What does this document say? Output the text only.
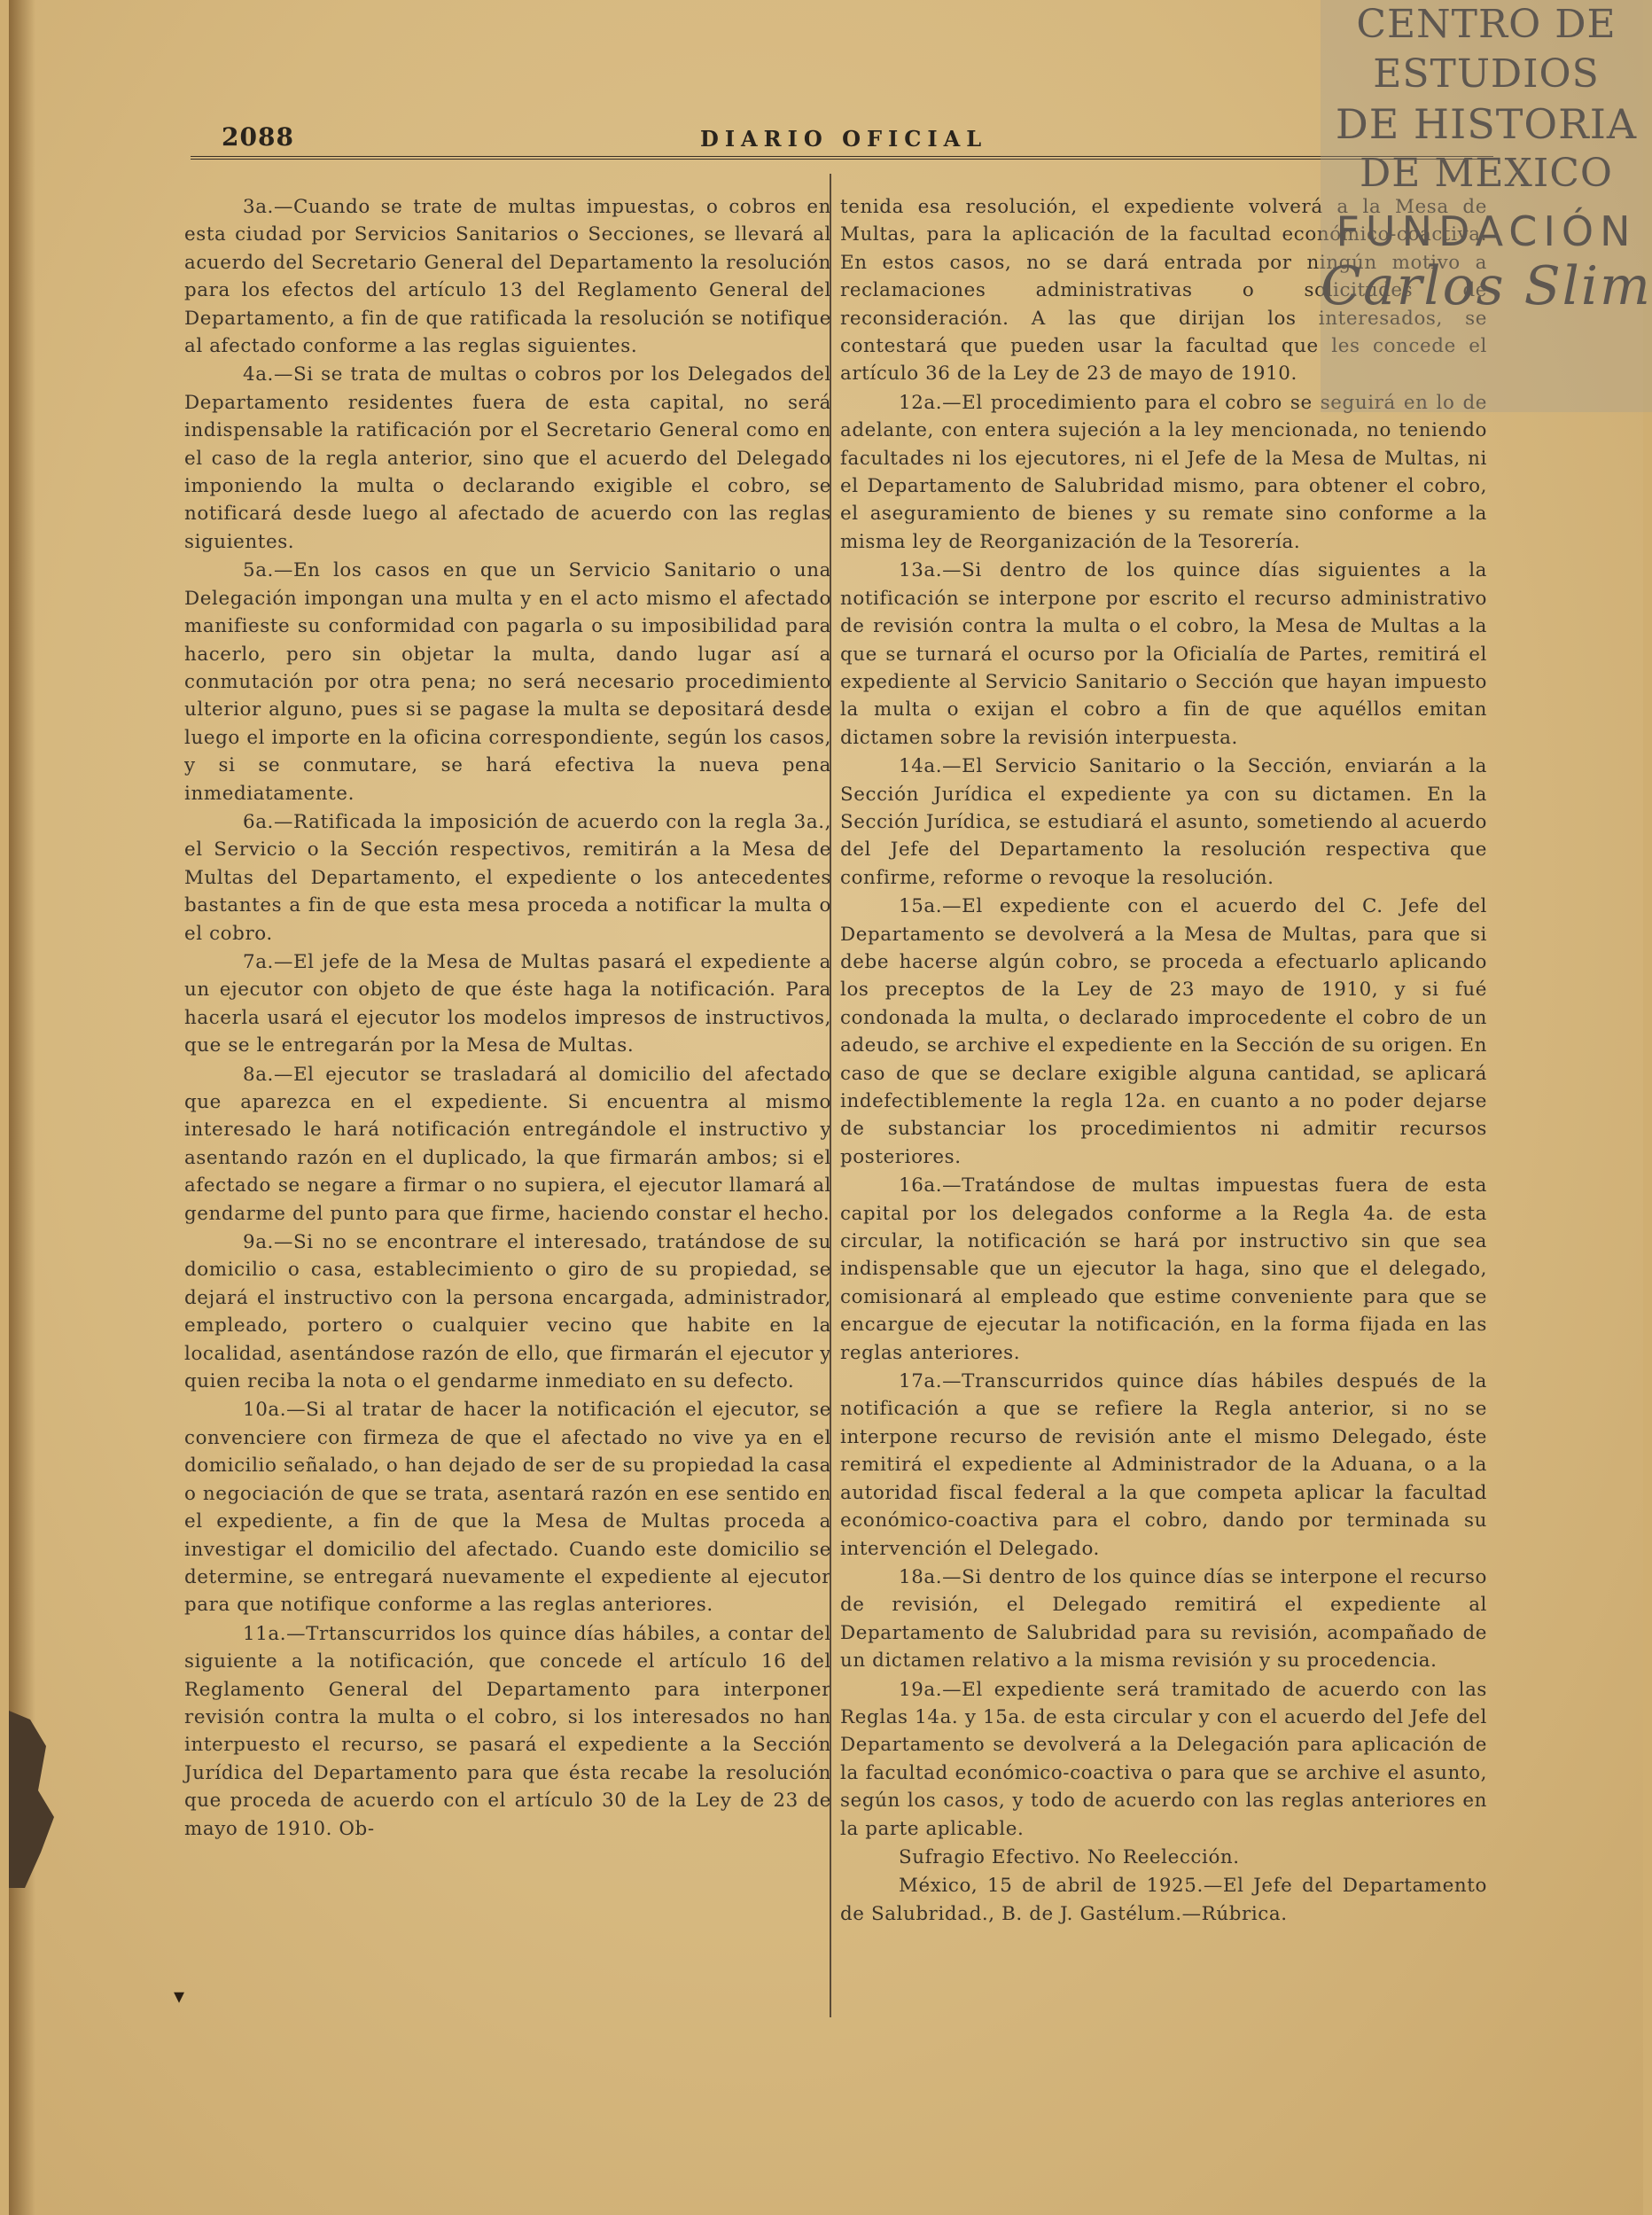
2088	DIARIO OFICIAL

3a.—Cuando se trate de multas impuestas, o cobros en esta ciudad por Servicios Sanitarios o Secciones, se llevará al acuerdo del Secretario General del Departamento la resolución para los efectos del artículo 13 del Reglamento General del Departamento, a fin de que ratificada la resolución se notifique al afectado conforme a las reglas siguientes.

4a.—Si se trata de multas o cobros por los Delegados del Departamento residentes fuera de esta capital, no será indispensable la ratificación por el Secretario General como en el caso de la regla anterior, sino que el acuerdo del Delegado imponiendo la multa o declarando exigible el cobro, se notificará desde luego al afectado de acuerdo con las reglas siguientes.

5a.—En los casos en que un Servicio Sanitario o una Delegación impongan una multa y en el acto mismo el afectado manifieste su conformidad con pagarla o su imposibilidad para hacerlo, pero sin objetar la multa, dando lugar así a conmutación por otra pena; no será necesario procedimiento ulterior alguno, pues si se pagase la multa se depositará desde luego el importe en la oficina correspondiente, según los casos, y si se conmutare, se hará efectiva la nueva pena inmediatamente.

6a.—Ratificada la imposición de acuerdo con la regla 3a., el Servicio o la Sección respectivos, remitirán a la Mesa de Multas del Departamento, el expediente o los antecedentes bastantes a fin de que esta mesa proceda a notificar la multa o el cobro.

7a.—El jefe de la Mesa de Multas pasará el expediente a un ejecutor con objeto de que éste haga la notificación. Para hacerla usará el ejecutor los modelos impresos de instructivos, que se le entregarán por la Mesa de Multas.

8a.—El ejecutor se trasladará al domicilio del afectado que aparezca en el expediente. Si encuentra al mismo interesado le hará notificación entregándole el instructivo y asentando razón en el duplicado, la que firmarán ambos; si el afectado se negare a firmar o no supiera, el ejecutor llamará al gendarme del punto para que firme, haciendo constar el hecho.

9a.—Si no se encontrare el interesado, tratándose de su domicilio o casa, establecimiento o giro de su propiedad, se dejará el instructivo con la persona encargada, administrador, empleado, portero o cualquier vecino que habite en la localidad, asentándose razón de ello, que firmarán el ejecutor y quien reciba la nota o el gendarme inmediato en su defecto.

10a.—Si al tratar de hacer la notificación el ejecutor, se convenciere con firmeza de que el afectado no vive ya en el domicilio señalado, o han dejado de ser de su propiedad la casa o negociación de que se trata, asentará razón en ese sentido en el expediente, a fin de que la Mesa de Multas proceda a investigar el domicilio del afectado. Cuando este domicilio se determine, se entregará nuevamente el expediente al ejecutor para que notifique conforme a las reglas anteriores.

11a.—Trtanscurridos los quince días hábiles, a contar del siguiente a la notificación, que concede el artículo 16 del Reglamento General del Departamento para interponer revisión contra la multa o el cobro, si los interesados no han interpuesto el recurso, se pasará el expediente a la Sección Jurídica del Departamento para que ésta recabe la resolución que proceda de acuerdo con el artículo 30 de la Ley de 23 de mayo de 1910. Ob-

tenida esa resolución, el expediente volverá a la Mesa de Multas, para la aplicación de la facultad económico-coactiva. En estos casos, no se dará entrada por ningún motivo a reclamaciones administrativas o solicitudes de reconsideración. A las que dirijan los interesados, se contestará que pueden usar la facultad que les concede el artículo 36 de la Ley de 23 de mayo de 1910.

12a.—El procedimiento para el cobro se seguirá en lo de adelante, con entera sujeción a la ley mencionada, no teniendo facultades ni los ejecutores, ni el Jefe de la Mesa de Multas, ni el Departamento de Salubridad mismo, para obtener el cobro, el aseguramiento de bienes y su remate sino conforme a la misma ley de Reorganización de la Tesorería.

13a.—Si dentro de los quince días siguientes a la notificación se interpone por escrito el recurso administrativo de revisión contra la multa o el cobro, la Mesa de Multas a la que se turnará el ocurso por la Oficialía de Partes, remitirá el expediente al Servicio Sanitario o Sección que hayan impuesto la multa o exijan el cobro a fin de que aquéllos emitan dictamen sobre la revisión interpuesta.

14a.—El Servicio Sanitario o la Sección, enviarán a la Sección Jurídica el expediente ya con su dictamen. En la Sección Jurídica, se estudiará el asunto, sometiendo al acuerdo del Jefe del Departamento la resolución respectiva que confirme, reforme o revoque la resolución.

15a.—El expediente con el acuerdo del C. Jefe del Departamento se devolverá a la Mesa de Multas, para que si debe hacerse algún cobro, se proceda a efectuarlo aplicando los preceptos de la Ley de 23 mayo de 1910, y si fué condonada la multa, o declarado improcedente el cobro de un adeudo, se archive el expediente en la Sección de su origen. En caso de que se declare exigible alguna cantidad, se aplicará indefectiblemente la regla 12a. en cuanto a no poder dejarse de substanciar los procedimientos ni admitir recursos posteriores.

16a.—Tratándose de multas impuestas fuera de esta capital por los delegados conforme a la Regla 4a. de esta circular, la notificación se hará por instructivo sin que sea indispensable que un ejecutor la haga, sino que el delegado, comisionará al empleado que estime conveniente para que se encargue de ejecutar la notificación, en la forma fijada en las reglas anteriores.

17a.—Transcurridos quince días hábiles después de la notificación a que se refiere la Regla anterior, si no se interpone recurso de revisión ante el mismo Delegado, éste remitirá el expediente al Administrador de la Aduana, o a la autoridad fiscal federal a la que competa aplicar la facultad económico-coactiva para el cobro, dando por terminada su intervención el Delegado.

18a.—Si dentro de los quince días se interpone el recurso de revisión, el Delegado remitirá el expediente al Departamento de Salubridad para su revisión, acompañado de un dictamen relativo a la misma revisión y su procedencia.

19a.—El expediente será tramitado de acuerdo con las Reglas 14a. y 15a. de esta circular y con el acuerdo del Jefe del Departamento se devolverá a la Delegación para aplicación de la facultad económico-coactiva o para que se archive el asunto, según los casos, y todo de acuerdo con las reglas anteriores en la parte aplicable.

Sufragio Efectivo. No Reelección.

México, 15 de abril de 1925.—El Jefe del Departamento de Salubridad., B. de J. Gastélum.—Rúbrica.

▾
CENTRO DE
ESTUDIOS
DE HISTORIA
DE MEXICO
FUNDACIÓN
Carlos Slim
